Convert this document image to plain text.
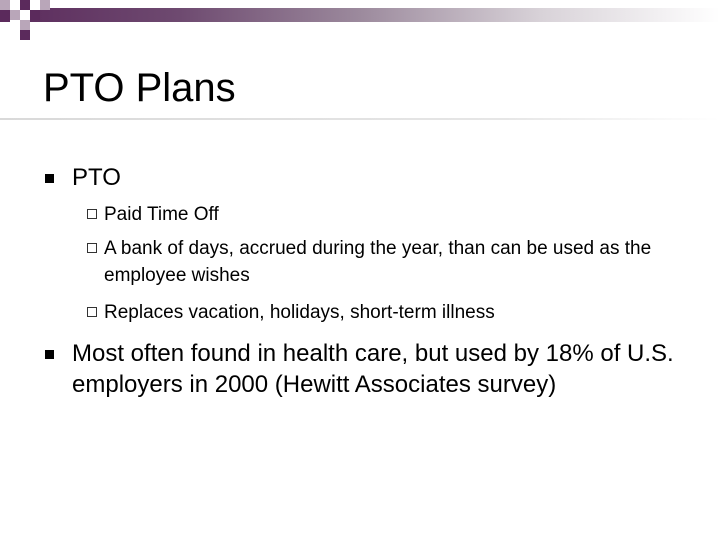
PTO Plans
PTO
Paid Time Off
A bank of days, accrued during the year, than can be used as the employee wishes
Replaces vacation, holidays, short-term illness
Most often found in health care, but used by 18% of U.S. employers in 2000 (Hewitt Associates survey)
